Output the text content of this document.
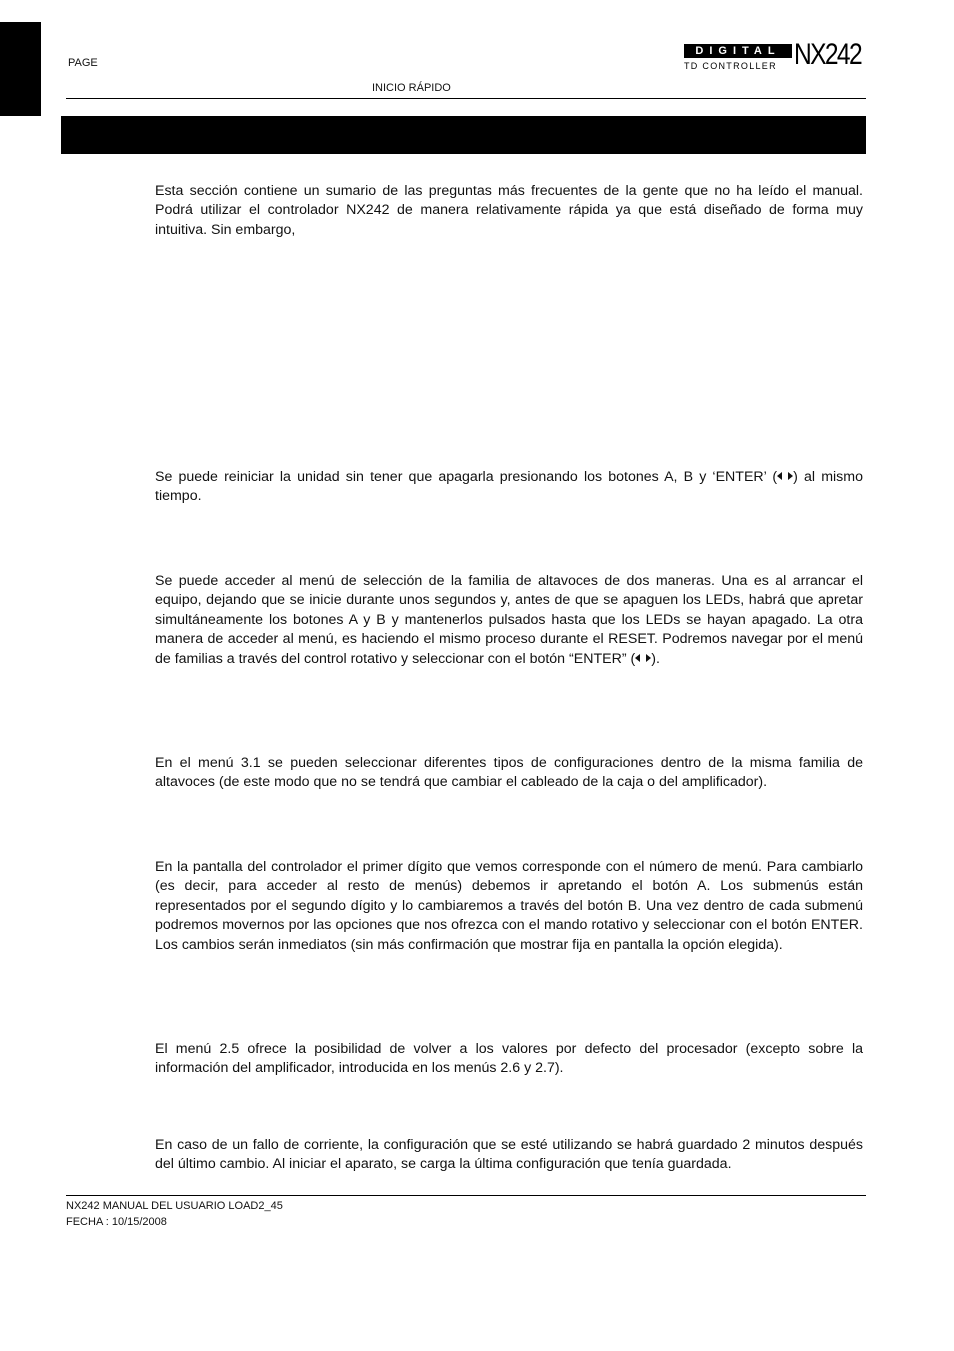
PAGE
DIGITAL
TD CONTROLLER NX242
INICIO RÁPIDO

Esta sección contiene un sumario de las preguntas más frecuentes de la gente que no ha leído el manual. Podrá utilizar el controlador NX242 de manera relativamente rápida ya que está diseñado de forma muy intuitiva. Sin embargo,

Se puede reiniciar la unidad sin tener que apagarla presionando los botones A, B y ‘ENTER’ ( ) al mismo tiempo.

Se puede acceder al menú de selección de la familia de altavoces de dos maneras. Una es al arrancar el equipo, dejando que se inicie durante unos segundos y, antes de que se apaguen los LEDs, habrá que apretar simultáneamente los botones A y B y mantenerlos pulsados hasta que los LEDs se hayan apagado. La otra manera de acceder al menú, es haciendo el mismo proceso durante el RESET. Podremos navegar por el menú de familias a través del control rotativo y seleccionar con el botón “ENTER” ( ).

En el menú 3.1 se pueden seleccionar diferentes tipos de configuraciones dentro de la misma familia de altavoces (de este modo que no se tendrá que cambiar el cableado de la caja o del amplificador).

En la pantalla del controlador el primer dígito que vemos corresponde con el número de menú. Para cambiarlo (es decir, para acceder al resto de menús) debemos ir apretando el botón A. Los submenús están representados por el segundo dígito y lo cambiaremos a través del botón B. Una vez dentro de cada submenú podremos movernos por las opciones que nos ofrezca con el mando rotativo y seleccionar con el botón ENTER. Los cambios serán inmediatos (sin más confirmación que mostrar fija en pantalla la opción elegida).

El menú 2.5 ofrece la posibilidad de volver a los valores por defecto del procesador (excepto sobre la información del amplificador, introducida en los menús 2.6 y 2.7).

En caso de un fallo de corriente, la configuración que se esté utilizando se habrá guardado 2 minutos después del último cambio. Al iniciar el aparato, se carga la última configuración que tenía guardada.

NX242 MANUAL DEL USUARIO LOAD2_45
FECHA : 10/15/2008
